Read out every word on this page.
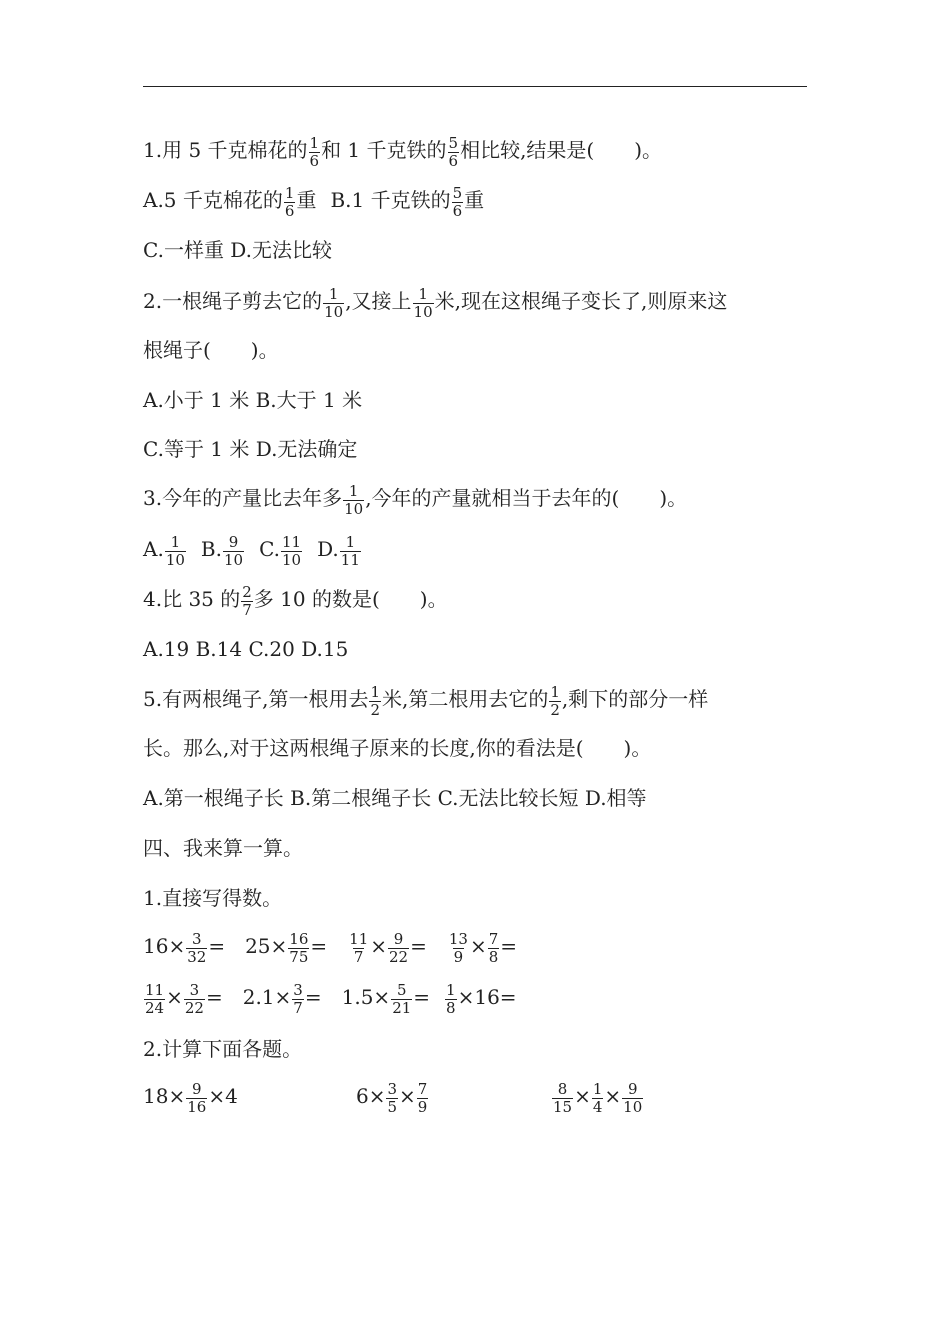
1.用 5 千克棉花的 $\frac{1}{6}$ 和 1 千克铁的 $\frac{5}{6}$ 相比较,结果是(　　)。
A.5 千克棉花的 $\frac{1}{6}$ 重 B.1 千克铁的 $\frac{5}{6}$ 重
C.一样重 D.无法比较
2.一根绳子剪去它的 $\frac{1}{10}$ ,又接上 $\frac{1}{10}$ 米,现在这根绳子变长了,则原来这
根绳子(　　)。
A.小于 1 米 B.大于 1 米
C.等于 1 米 D.无法确定
3.今年的产量比去年多 $\frac{1}{10}$ ,今年的产量就相当于去年的(　　)。
A. $\frac{1}{10} B$. $\frac{9}{10} C$. $\frac{11}{10} D$. $\frac{1}{11}$
4.比 35 的 $\frac{2}{7}$ 多 10 的数是(　　)。
A.19 B.14 C.20 D.15
5.有两根绳子,第一根用去 $\frac{1}{2}$ 米,第二根用去它的 $\frac{1}{2}$ ,剩下的部分一样
长。那么,对于这两根绳子原来的长度,你的看法是(　　)。
A.第一根绳子长 B.第二根绳子长 C.无法比较长短 D.相等
四、我来算一算。
1.直接写得数。
$16\times \frac{3}{32} = 25\times \frac{16}{75} = \frac{11}{7} \times \frac{9}{22} = \frac{13}{9} \times \frac{7}{8}$ =
$\frac{11}{24} \times \frac{3}{22} = 2.1\times \frac{3}{7} = 1.5\times \frac{5}{21} = \frac{1}{8} \times 16=$
2.计算下面各题。
$18\times \frac{9}{16} \times 4$	$6\times \frac{3}{5} \times \frac{7}{9}$	$\frac{8}{15} \times \frac{1}{4} \times \frac{9}{10}$
